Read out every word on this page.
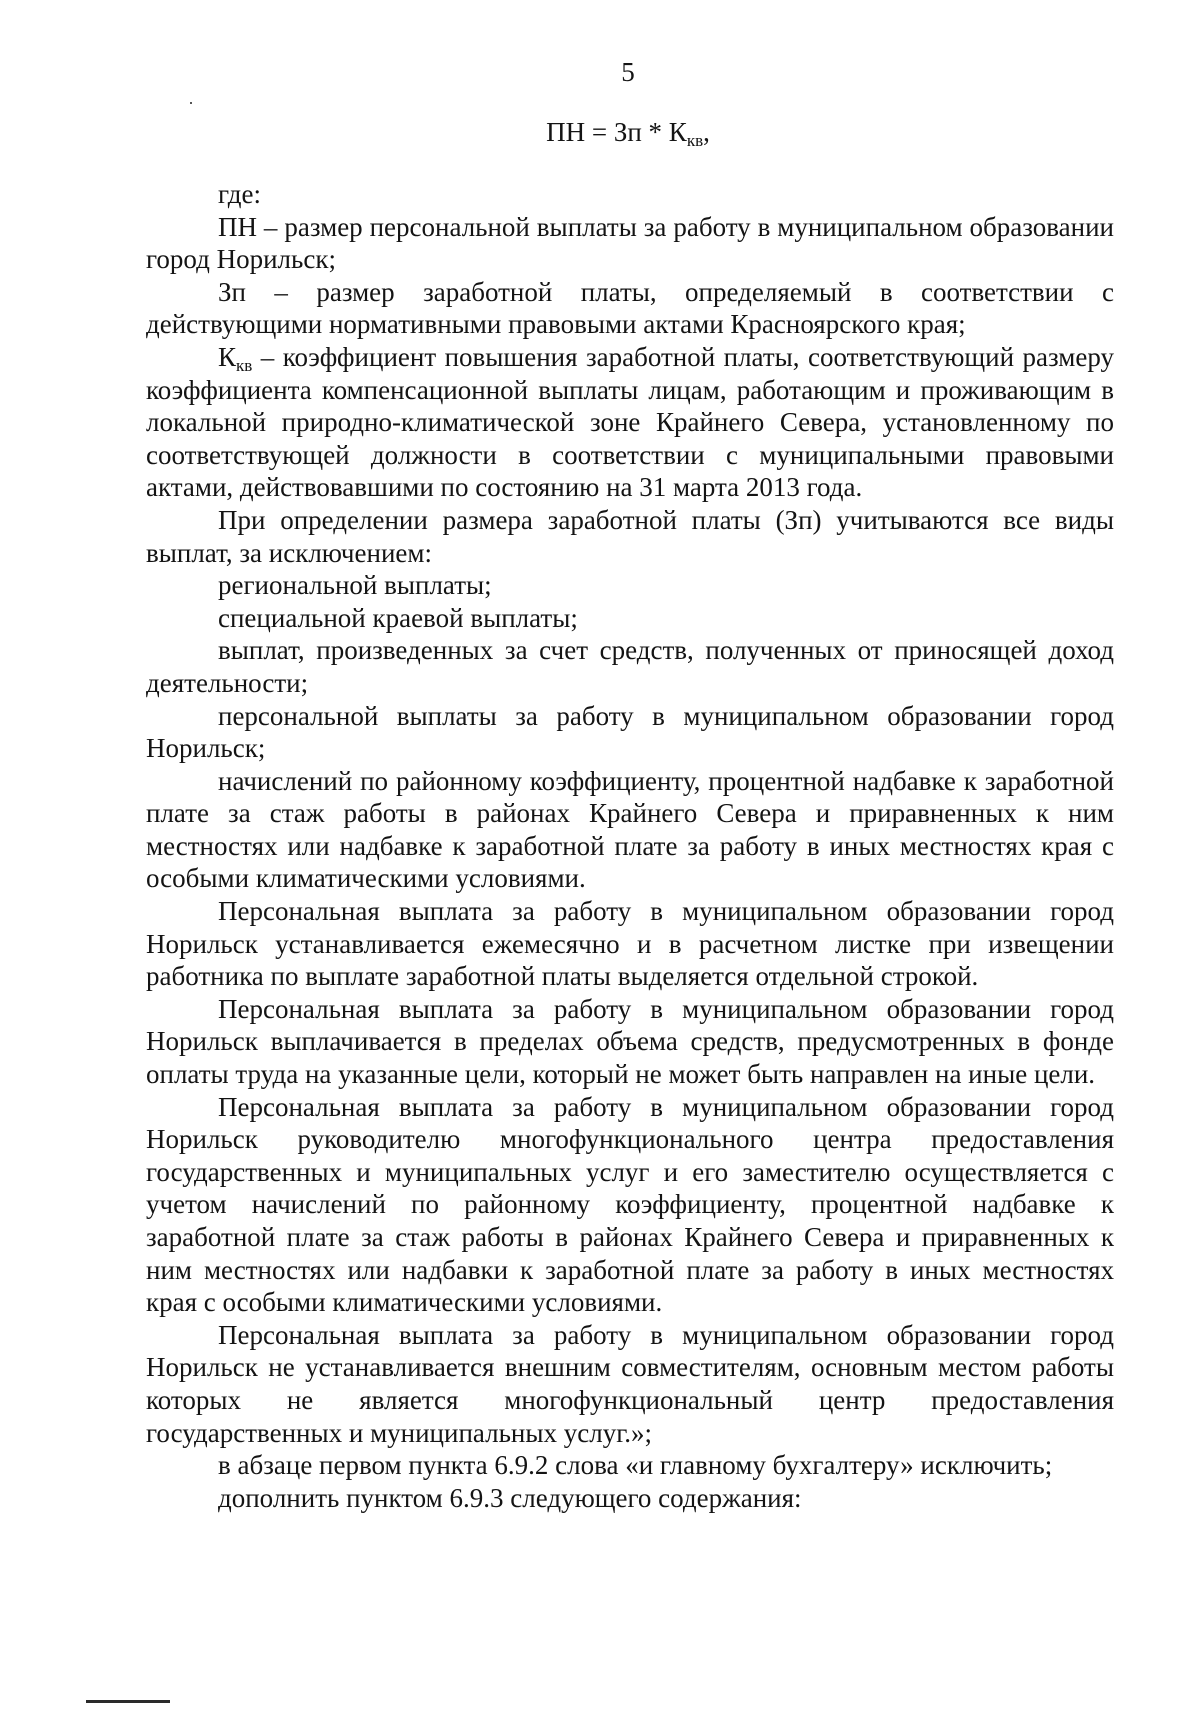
5
ПН = Зп * $К_{кв}$,

где:

ПН – размер персональной выплаты за работу в муниципальном образовании город Норильск;

Зп – размер заработной платы, определяемый в соответствии с действующими нормативными правовыми актами Красноярского края;

$К_{кв}$ – коэффициент повышения заработной платы, соответствующий размеру коэффициента компенсационной выплаты лицам, работающим и проживающим в локальной природно-климатической зоне Крайнего Севера, установленному по соответствующей должности в соответствии с муниципальными правовыми актами, действовавшими по состоянию на 31 марта 2013 года.

При определении размера заработной платы (Зп) учитываются все виды выплат, за исключением:

региональной выплаты;

специальной краевой выплаты;

выплат, произведенных за счет средств, полученных от приносящей доход деятельности;

персональной выплаты за работу в муниципальном образовании город Норильск;

начислений по районному коэффициенту, процентной надбавке к заработной плате за стаж работы в районах Крайнего Севера и приравненных к ним местностях или надбавке к заработной плате за работу в иных местностях края с особыми климатическими условиями.

Персональная выплата за работу в муниципальном образовании город Норильск устанавливается ежемесячно и в расчетном листке при извещении работника по выплате заработной платы выделяется отдельной строкой.

Персональная выплата за работу в муниципальном образовании город Норильск выплачивается в пределах объема средств, предусмотренных в фонде оплаты труда на указанные цели, который не может быть направлен на иные цели.

Персональная выплата за работу в муниципальном образовании город Норильск руководителю многофункционального центра предоставления государственных и муниципальных услуг и его заместителю осуществляется с учетом начислений по районному коэффициенту, процентной надбавке к заработной плате за стаж работы в районах Крайнего Севера и приравненных к ним местностях или надбавки к заработной плате за работу в иных местностях края с особыми климатическими условиями.

Персональная выплата за работу в муниципальном образовании город Норильск не устанавливается внешним совместителям, основным местом работы которых не является многофункциональный центр предоставления государственных и муниципальных услуг.»;

в абзаце первом пункта 6.9.2 слова «и главному бухгалтеру» исключить;

дополнить пунктом 6.9.3 следующего содержания:
